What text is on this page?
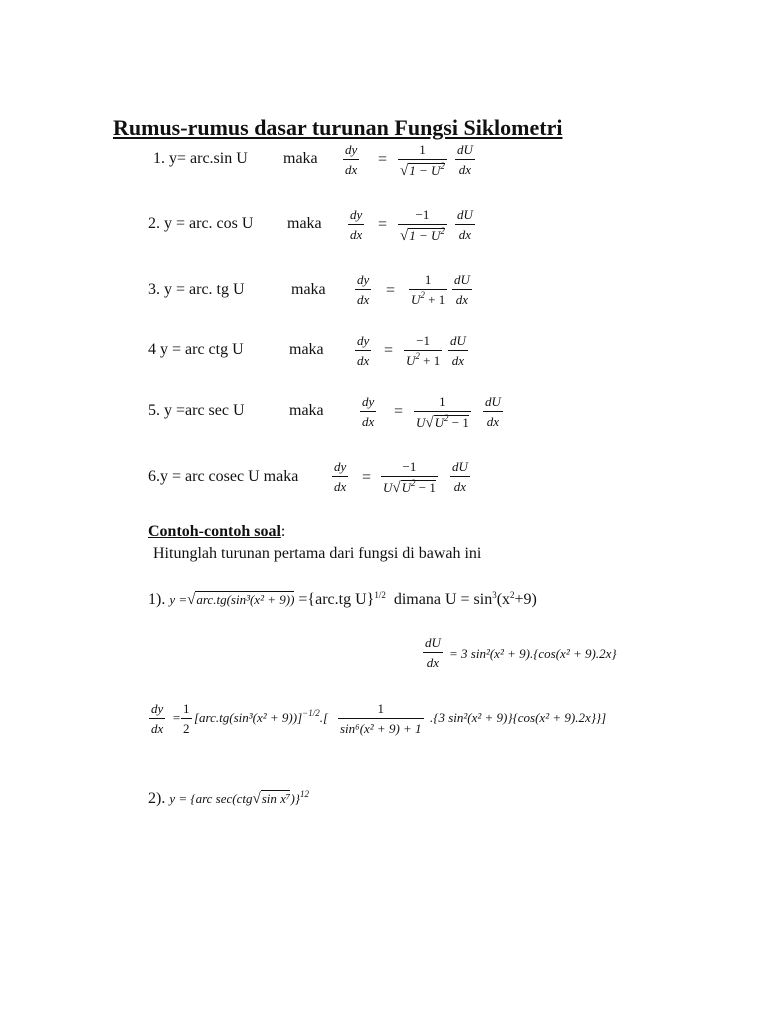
Rumus-rumus dasar turunan Fungsi Siklometri
1. y= arc.sin U maka $\frac{dy}{dx} = \frac{1}{√1 - U^2} \frac{dU}{dx}$
2. y = arc. cos U maka $\frac{dy}{dx} = \frac{-1}{√1 - U^2} \frac{dU}{dx}$
3. y = arc. tg U	maka $\frac{dy}{dx} = \frac{1}{U^2 + 1} \frac{dU}{dx}$
4 y = arc ctg U	maka $\frac{dy}{dx} = \frac{-1}{U^2 + 1} \frac{dU}{dx}$
5. y =arc sec U	maka	$\frac{dy}{dx} = \frac{1}{U√U^2 - 1} \frac{dU}{dx}$
6.y = arc cosec U maka	$\frac{dy}{dx} = \frac{-1}{U√U^2 - 1} \frac{dU}{dx}$
Contoh-contoh soal:
Hitunglah turunan pertama dari fungsi di bawah ini
1). y =√arc.tg(sin³(x² + 9)) ={arc.tg U}$^{1/2}$ dimana $U = \sin^3(x^2+9)$
$\frac{dU}{dx} = 3$ sin²(x² + 9).{cos(x² + 9).2x}
$\frac{dy}{dx} = \frac{1}{2} [arc.tg(\sin^3(x^2 + 9))]^{-1/2}.[ \frac{1}{\text{sin⁶(x² + 9) + 1}} .\{3$ sin²(x² + 9)}{cos(x² + 9).2x}}]
2). y = {arc sec(ctg√sin x⁷)}$^{12}$
